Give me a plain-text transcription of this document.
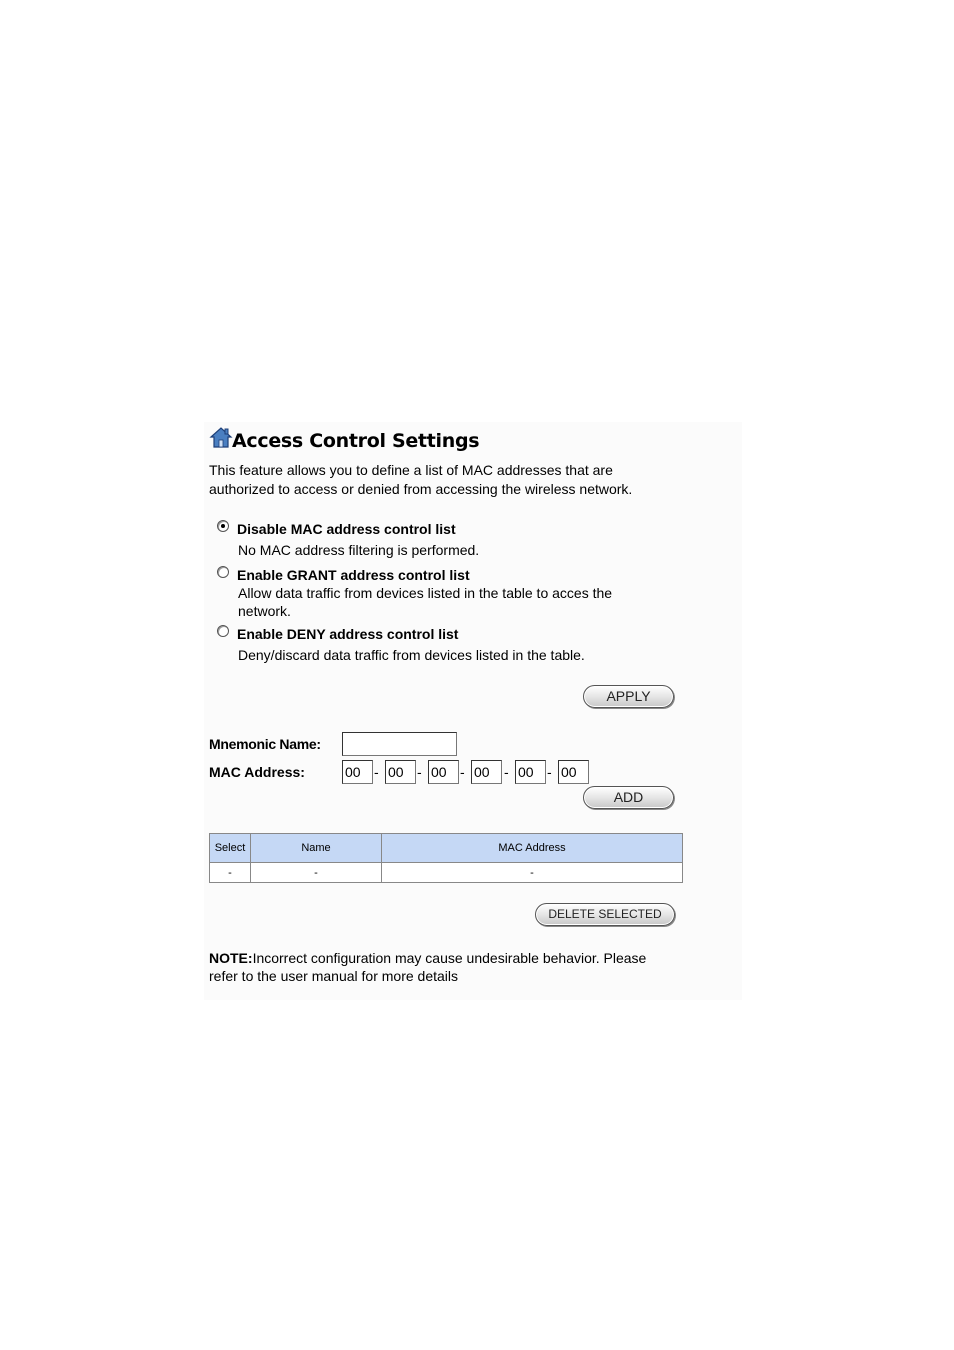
Access Control Settings
This feature allows you to define a list of MAC addresses that are
authorized to access or denied from accessing the wireless network.
Disable MAC address control list
No MAC address filtering is performed.
Enable GRANT address control list
Allow data traffic from devices listed in the table to acces the
network.
Enable DENY address control list
Deny/discard data traffic from devices listed in the table.
APPLY
Mnemonic Name:
MAC Address:
00	-
00	-
00	-
00	-
00	-
00
ADD
Select	Name	MAC Address
-	-	-
DELETE SELECTED
NOTE:Incorrect configuration may cause undesirable behavior. Please
refer to the user manual for more details
